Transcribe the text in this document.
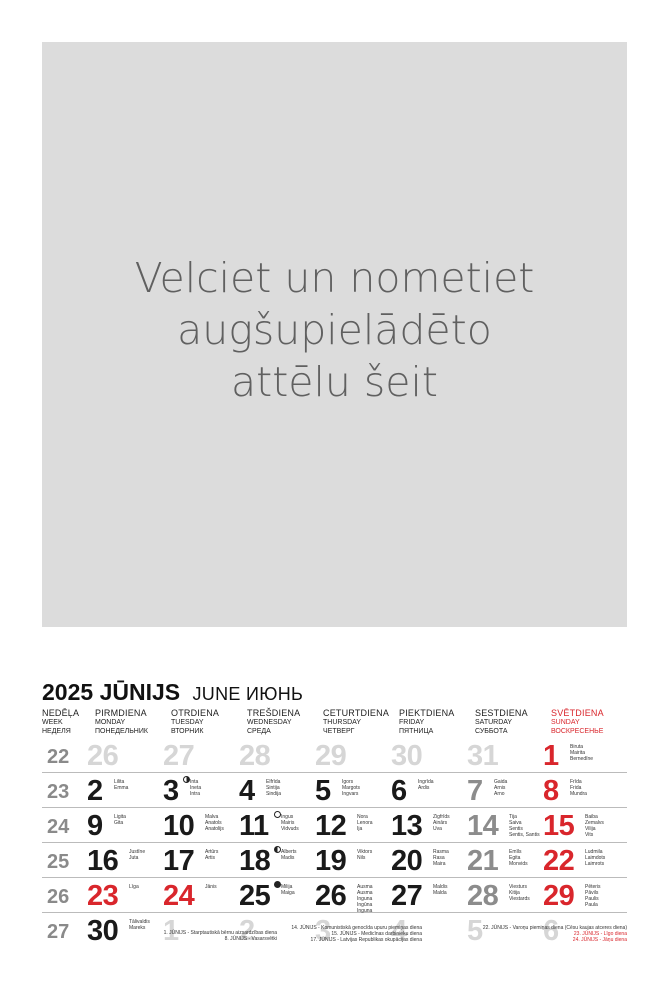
Velciet un nometiet
augšupielādēto
attēlu šeit
2025 JŪNIJS JUNE ИЮНЬ
NEDĒĻA
WEEK
НЕДЕЛЯ
PIRMDIENA
MONDAY
ПОНЕДЕЛЬНИК
OTRDIENA
TUESDAY
ВТОРНИК
TREŠDIENA
WEDNESDAY
СРЕДА
CETURTDIENA
THURSDAY
ЧЕТВЕРГ
PIEKTDIENA
FRIDAY
ПЯТНИЦА
SESTDIENA
SATURDAY
СУББОТА
SVĒTDIENA
SUNDAY
ВОСКРЕСЕНЬЕ
22 26 27 28 29 30 31 1 Biruta
Mairita
Bernedīne
23 2 Lilita
Emma 3 Inta
Ineta
Intra 4 Elfrīda
Sintija
Sindija 5 Igors
Margots
Ingvars 6 Ingrīda
Ardis 7 Gaida
Arnis
Arno 8 Frīda
Frida
Mundra
24 9 Ligita
Gita 10 Malva
Anatols
Anatolijs 11 Ingus
Mairis
Vidvuds 12 Nora
Lenora
Ija 13 Zigfrīds
Ainārs
Uva 14 Tija
Saiva
Sentis
Sentis, Santis 15 Baiba
Zemalvs
Vilija
Vits
25 16 Justīne
Juta 17 Artūrs
Artis 18 Alberts
Madis 19 Viktors
Nils 20 Rasma
Rasa
Maira 21 Emīls
Egita
Monvids 22 Ludmila
Laimdots
Laimrots
26 23 Līga 24 Jānis 25 Milija
Maiga 26 Ausma
Ausma
Inguna
Ingūna
Inguna 27 Maldis
Malda 28 Viesturs
Kitija
Viestards 29 Pēteris
Pāvils
Paulis
Paula
27 30 Tālivaldis
Mareks 1 2 3 4 5 6
1. JŪNIJS - Starptautiskā bērnu aizsardzības diena
8. JŪNIJS - Vasarsvētki
14. JŪNIJS - Komunistiskā genocīda upuru piemiņas diena
15. JŪNIJS - Medicīnas darbinieku diena
17. JŪNIJS - Latvijas Republikas okupācijas diena
22. JŪNIJS - Varoņu piemiņas diena (Cēsu kaujas atceres diena)
23. JŪNIJS - Līgo diena
24. JŪNIJS - Jāņu diena
